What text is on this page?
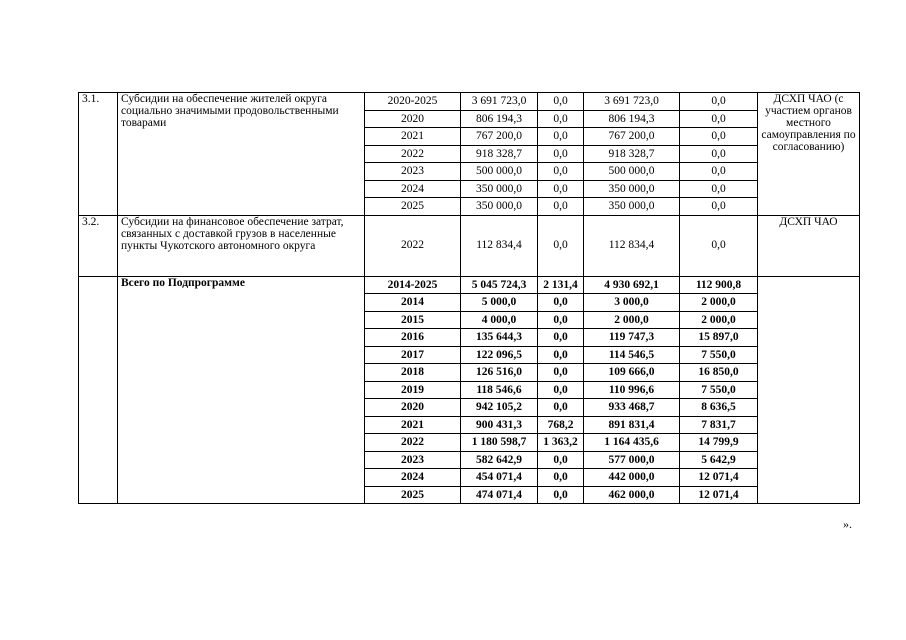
3.1.	Субсидии на обеспечение жителей округа социально значимыми продовольственными товарами	2020-2025	3 691 723,0	0,0	3 691 723,0	0,0	ДСХП ЧАО (с участием органов местного самоуправления по согласованию)
		2020	806 194,3	0,0	806 194,3	0,0	
		2021	767 200,0	0,0	767 200,0	0,0	
		2022	918 328,7	0,0	918 328,7	0,0	
		2023	500 000,0	0,0	500 000,0	0,0	
		2024	350 000,0	0,0	350 000,0	0,0	
		2025	350 000,0	0,0	350 000,0	0,0	
3.2.	Субсидии на финансовое обеспечение затрат, связанных с доставкой грузов в населенные пункты Чукотского автономного округа	2022	112 834,4	0,0	112 834,4	0,0	ДСХП ЧАО
	Всего по Подпрограмме	2014-2025	5 045 724,3	2 131,4	4 930 692,1	112 900,8	
		2014	5 000,0	0,0	3 000,0	2 000,0	
		2015	4 000,0	0,0	2 000,0	2 000,0	
		2016	135 644,3	0,0	119 747,3	15 897,0	
		2017	122 096,5	0,0	114 546,5	7 550,0	
		2018	126 516,0	0,0	109 666,0	16 850,0	
		2019	118 546,6	0,0	110 996,6	7 550,0	
		2020	942 105,2	0,0	933 468,7	8 636,5	
		2021	900 431,3	768,2	891 831,4	7 831,7	
		2022	1 180 598,7	1 363,2	1 164 435,6	14 799,9	
		2023	582 642,9	0,0	577 000,0	5 642,9	
		2024	454 071,4	0,0	442 000,0	12 071,4	
		2025	474 071,4	0,0	462 000,0	12 071,4	
».
